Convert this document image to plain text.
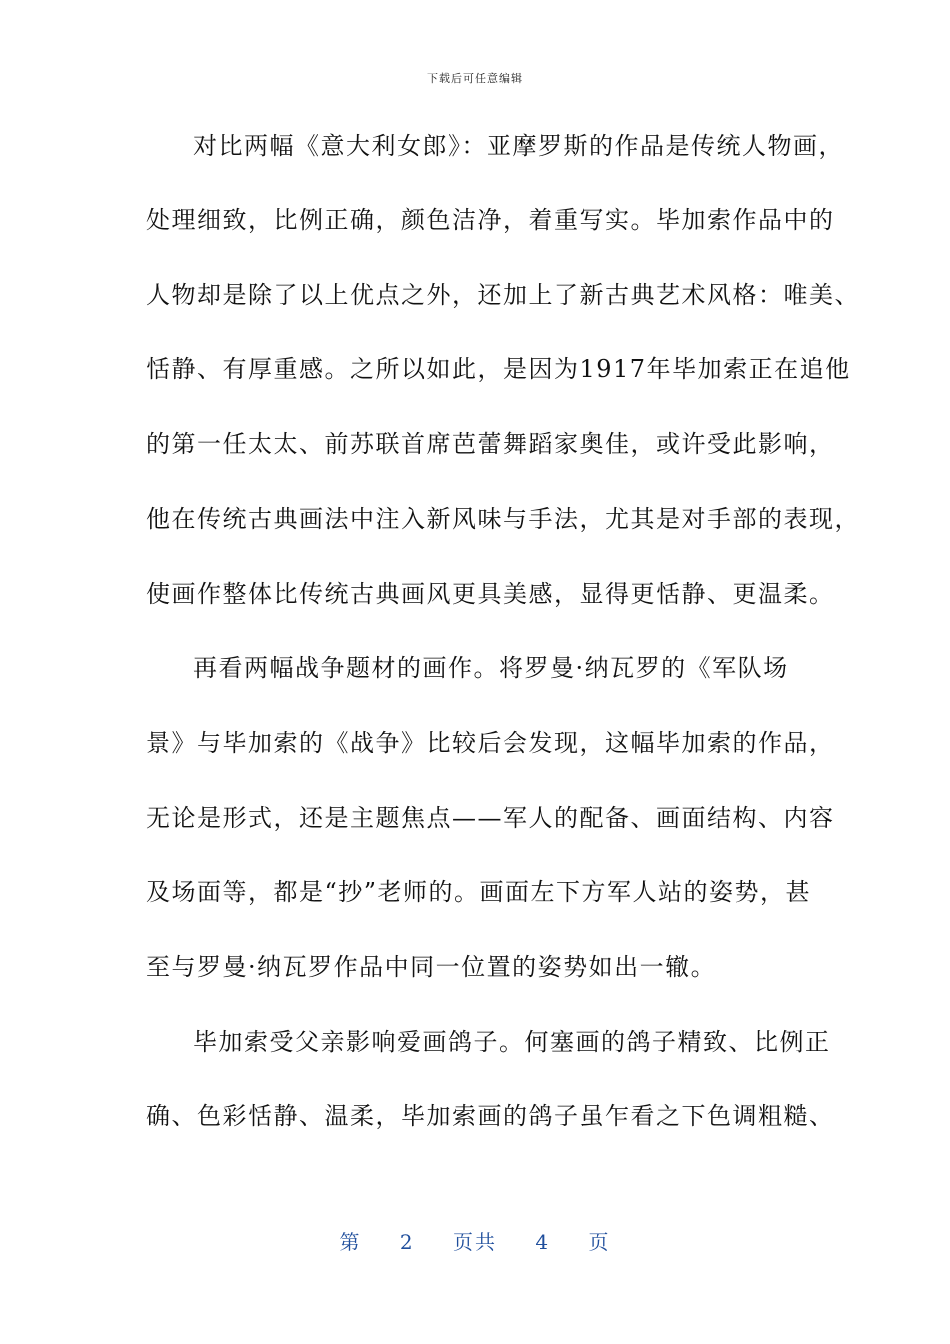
下载后可任意编辑
对比两幅《意大利女郎》：亚摩罗斯的作品是传统人物画，
处理细致，比例正确，颜色洁净，着重写实。毕加索作品中的
人物却是除了以上优点之外，还加上了新古典艺术风格：唯美、
恬静、有厚重感。之所以如此，是因为1917年毕加索正在追他
的第一任太太、前苏联首席芭蕾舞蹈家奥佳，或许受此影响，
他在传统古典画法中注入新风味与手法，尤其是对手部的表现，
使画作整体比传统古典画风更具美感，显得更恬静、更温柔。
再看两幅战争题材的画作。将罗曼·纳瓦罗的《军队场
景》与毕加索的《战争》比较后会发现，这幅毕加索的作品，
无论是形式，还是主题焦点——军人的配备、画面结构、内容
及场面等，都是“抄”老师的。画面左下方军人站的姿势，甚
至与罗曼·纳瓦罗作品中同一位置的姿势如出一辙。
毕加索受父亲影响爱画鸽子。何塞画的鸽子精致、比例正
确、色彩恬静、温柔，毕加索画的鸽子虽乍看之下色调粗糙、
第 2 页共 4 页
